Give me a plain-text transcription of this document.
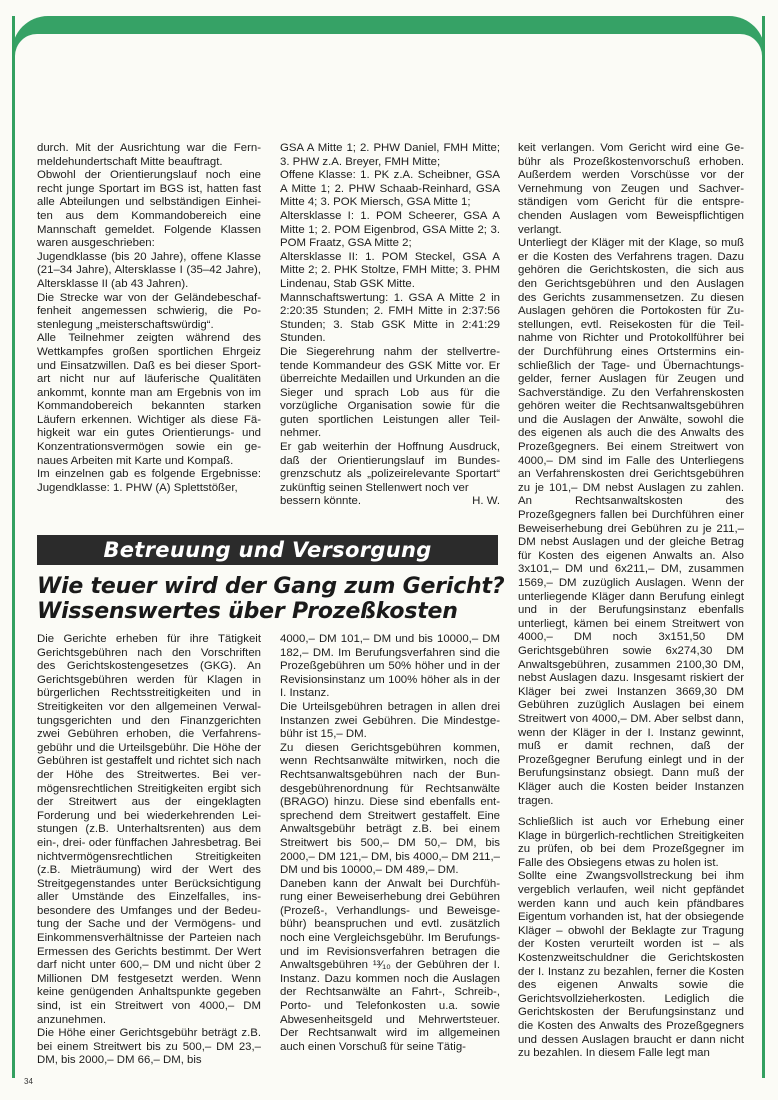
durch. Mit der Ausrichtung war die Fernmeldehundertschaft Mitte beauftragt.

Obwohl der Orientierungslauf noch eine recht junge Sportart im BGS ist, hatten fast alle Abteilungen und selbständigen Einheiten aus dem Kommandobereich eine Mannschaft gemeldet. Folgende Klassen waren ausgeschrieben:

Jugendklasse (bis 20 Jahre), offene Klasse (21–34 Jahre), Altersklasse I (35–42 Jahre), Altersklasse II (ab 43 Jahren).

Die Strecke war von der Geländebeschaffenheit angemessen schwierig, die Postenlegung „meisterschaftswürdig“.

Alle Teilnehmer zeigten während des Wettkampfes großen sportlichen Ehrgeiz und Einsatzwillen. Daß es bei dieser Sportart nicht nur auf läuferische Qualitäten ankommt, konnte man am Ergebnis von im Kommandobereich bekannten starken Läufern erkennen. Wichtiger als diese Fähigkeit war ein gutes Orientierungs- und Konzentrationsvermögen sowie ein genaues Arbeiten mit Karte und Kompaß.

Im einzelnen gab es folgende Ergebnisse: Jugendklasse: 1. PHW (A) Splettstößer,

GSA A Mitte 1; 2. PHW Daniel, FMH Mitte; 3. PHW z.A. Breyer, FMH Mitte;

Offene Klasse: 1. PK z.A. Scheibner, GSA A Mitte 1; 2. PHW Schaab-Reinhard, GSA Mitte 4; 3. POK Miersch, GSA Mitte 1;

Altersklasse I: 1. POM Scheerer, GSA A Mitte 1; 2. POM Eigenbrod, GSA Mitte 2; 3. POM Fraatz, GSA Mitte 2;

Altersklasse II: 1. POM Steckel, GSA A Mitte 2; 2. PHK Stoltze, FMH Mitte; 3. PHM Lindenau, Stab GSK Mitte.

Mannschaftswertung: 1. GSA A Mitte 2 in 2:20:35 Stunden; 2. FMH Mitte in 2:37:56 Stunden; 3. Stab GSK Mitte in 2:41:29 Stunden.

Die Siegerehrung nahm der stellvertretende Kommandeur des GSK Mitte vor. Er überreichte Medaillen und Urkunden an die Sieger und sprach Lob aus für die vorzügliche Organisation sowie für die guten sportlichen Leistungen aller Teilnehmer.

Er gab weiterhin der Hoffnung Ausdruck, daß der Orientierungslauf im Bundesgrenzschutz als „polizeirelevante Sportart“ zukünftig seinen Stellenwert noch ver

bessern könnte.	H. W.
Betreuung und Versorgung
Wie teuer wird der Gang zum Gericht?
Wissenswertes über Prozeßkosten

Die Gerichte erheben für ihre Tätigkeit Gerichtsgebühren nach den Vorschriften des Gerichtskostengesetzes (GKG). An Gerichtsgebühren werden für Klagen in bürgerlichen Rechtsstreitigkeiten und in Streitigkeiten vor den allgemeinen Verwaltungsgerichten und den Finanzgerichten zwei Gebühren erhoben, die Verfahrensgebühr und die Urteilsgebühr. Die Höhe der Gebühren ist gestaffelt und richtet sich nach der Höhe des Streitwertes. Bei vermögensrechtlichen Streitigkeiten ergibt sich der Streitwert aus der eingeklagten Forderung und bei wiederkehrenden Leistungen (z.B. Unterhaltsrenten) aus dem ein-, drei- oder fünffachen Jahresbetrag. Bei nichtvermögensrechtlichen Streitigkeiten (z.B. Mieträumung) wird der Wert des Streitgegenstandes unter Berücksichtigung aller Umstände des Einzelfalles, insbesondere des Umfanges und der Bedeutung der Sache und der Vermögens- und Einkommensverhältnisse der Parteien nach Ermessen des Gerichts bestimmt. Der Wert darf nicht unter 600,– DM und nicht über 2 Millionen DM festgesetzt werden. Wenn keine genügenden Anhaltspunkte gegeben sind, ist ein Streitwert von 4000,– DM anzunehmen.

Die Höhe einer Gerichtsgebühr beträgt z.B. bei einem Streitwert bis zu 500,– DM 23,– DM, bis 2000,– DM 66,– DM, bis

4000,– DM 101,– DM und bis 10000,– DM 182,– DM. Im Berufungsverfahren sind die Prozeßgebühren um 50% höher und in der Revisionsinstanz um 100% höher als in der I. Instanz.

Die Urteilsgebühren betragen in allen drei Instanzen zwei Gebühren. Die Mindestgebühr ist 15,– DM.

Zu diesen Gerichtsgebühren kommen, wenn Rechtsanwälte mitwirken, noch die Rechtsanwaltsgebühren nach der Bundesgebührenordnung für Rechtsanwälte (BRAGO) hinzu. Diese sind ebenfalls entsprechend dem Streitwert gestaffelt. Eine Anwaltsgebühr beträgt z.B. bei einem Streitwert bis 500,– DM 50,– DM, bis 2000,– DM 121,– DM, bis 4000,– DM 211,– DM und bis 10000,– DM 489,– DM.

Daneben kann der Anwalt bei Durchführung einer Beweiserhebung drei Gebühren (Prozeß-, Verhandlungs- und Beweisgebühr) beanspruchen und evtl. zusätzlich noch eine Vergleichsgebühr. Im Berufungs- und im Revisionsverfahren betragen die Anwaltsgebühren ¹³⁄₁₀ der Gebühren der I. Instanz. Dazu kommen noch die Auslagen der Rechtsanwälte an Fahrt-, Schreib-, Porto- und Telefonkosten u.a. sowie Abwesenheitsgeld und Mehrwertsteuer. Der Rechtsanwalt wird im allgemeinen auch einen Vorschuß für seine Tätig-

keit verlangen. Vom Gericht wird eine Gebühr als Prozeßkostenvorschuß erhoben. Außerdem werden Vorschüsse vor der Vernehmung von Zeugen und Sachverständigen vom Gericht für die entsprechenden Auslagen vom Beweispflichtigen verlangt.

Unterliegt der Kläger mit der Klage, so muß er die Kosten des Verfahrens tragen. Dazu gehören die Gerichtskosten, die sich aus den Gerichtsgebühren und den Auslagen des Gerichts zusammensetzen. Zu diesen Auslagen gehören die Portokosten für Zustellungen, evtl. Reisekosten für die Teilnahme von Richter und Protokollführer bei der Durchführung eines Ortstermins einschließlich der Tage- und Übernachtungsgelder, ferner Auslagen für Zeugen und Sachverständige. Zu den Verfahrenskosten gehören weiter die Rechtsanwaltsgebühren und die Auslagen der Anwälte, sowohl die des eigenen als auch die des Anwalts des Prozeßgegners. Bei einem Streitwert von 4000,– DM sind im Falle des Unterliegens an Verfahrenskosten drei Gerichtsgebühren zu je 101,– DM nebst Auslagen zu zahlen. An Rechtsanwaltskosten des Prozeßgegners fallen bei Durchführen einer Beweiserhebung drei Gebühren zu je 211,– DM nebst Auslagen und der gleiche Betrag für Kosten des eigenen Anwalts an. Also 3x101,– DM und 6x211,– DM, zusammen 1569,– DM zuzüglich Auslagen. Wenn der unterliegende Kläger dann Berufung einlegt und in der Berufungsinstanz ebenfalls unterliegt, kämen bei einem Streitwert von 4000,– DM noch 3x151,50 DM Gerichtsgebühren sowie 6x274,30 DM Anwaltsgebühren, zusammen 2100,30 DM, nebst Auslagen dazu. Insgesamt riskiert der Kläger bei zwei Instanzen 3669,30 DM Gebühren zuzüglich Auslagen bei einem Streitwert von 4000,– DM. Aber selbst dann, wenn der Kläger in der I. Instanz gewinnt, muß er damit rechnen, daß der Prozeßgegner Berufung einlegt und in der Berufungsinstanz obsiegt. Dann muß der Kläger auch die Kosten beider Instanzen tragen.

Schließlich ist auch vor Erhebung einer Klage in bürgerlich-rechtlichen Streitigkeiten zu prüfen, ob bei dem Prozeßgegner im Falle des Obsiegens etwas zu holen ist.

Sollte eine Zwangsvollstreckung bei ihm vergeblich verlaufen, weil nicht gepfändet werden kann und auch kein pfändbares Eigentum vorhanden ist, hat der obsiegende Kläger – obwohl der Beklagte zur Tragung der Kosten verurteilt worden ist – als Kostenzweitschuldner die Gerichtskosten der I. Instanz zu bezahlen, ferner die Kosten des eigenen Anwalts sowie die Gerichtsvollzieherkosten. Lediglich die Gerichtskosten der Berufungsinstanz und die Kosten des Anwalts des Prozeßgegners und dessen Auslagen braucht er dann nicht zu bezahlen. In diesem Falle legt man

34
